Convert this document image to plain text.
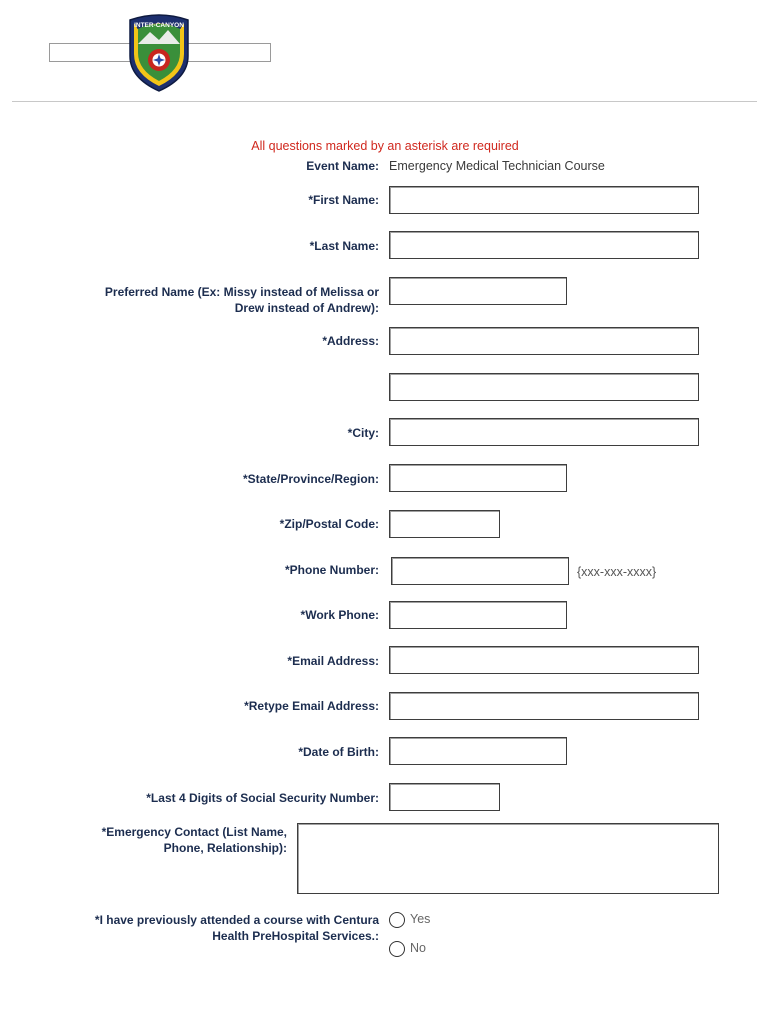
INTER-CANYON
All questions marked by an asterisk are required
Event Name: Emergency Medical Technician Course
*First Name:
*Last Name:
Preferred Name (Ex: Missy instead of Melissa or
Drew instead of Andrew):
*Address:
*City:
*State/Province/Region:
*Zip/Postal Code:
*Phone Number:	{xxx-xxx-xxxx}
*Work Phone:
*Email Address:
*Retype Email Address:
*Date of Birth:
*Last 4 Digits of Social Security Number:
*Emergency Contact (List Name,
Phone, Relationship):
*I have previously attended a course with Centura
Health PreHospital Services.:
Yes
No
